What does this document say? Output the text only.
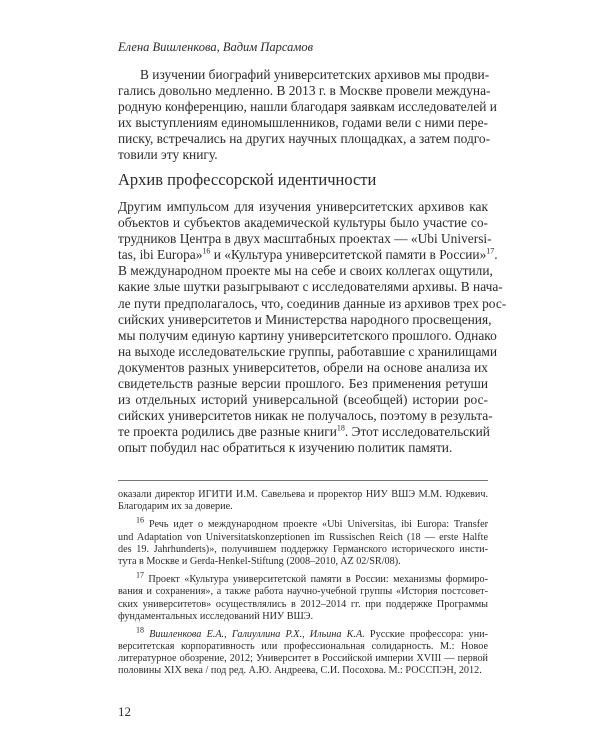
Елена Вишленкова, Вадим Парсамов
В изучении биографий университетских архивов мы продви-
гались довольно медленно. В 2013 г. в Москве провели междуна-
родную конференцию, нашли благодаря заявкам исследователей и
их выступлениям единомышленников, годами вели с ними пере-
писку, встречались на других научных площадках, а затем подго-
товили эту книгу.
Архив профессорской идентичности
Другим импульсом для изучения университетских архивов как
объектов и субъектов академической культуры было участие со-
трудников Центра в двух масштабных проектах — «Ubi Universi-
tas, ibi Europa»$^{16}$ и «Культура университетской памяти в России»$^{17}$.
В международном проекте мы на себе и своих коллегах ощутили,
какие злые шутки разыгрывают с исследователями архивы. В нача-
ле пути предполагалось, что, соединив данные из архивов трех рос-
сийских университетов и Министерства народного просвещения,
мы получим единую картину университетского прошлого. Однако
на выходе исследовательские группы, работавшие с хранилищами
документов разных университетов, обрели на основе анализа их
свидетельств разные версии прошлого. Без применения ретуши
из отдельных историй универсальной (всеобщей) истории рос-
сийских университетов никак не получалось, поэтому в результа-
те проекта родились две разные книги$^{18}$. Этот исследовательский
опыт побудил нас обратиться к изучению политик памяти.
оказали директор ИГИТИ И.М. Савельева и проректор НИУ ВШЭ М.М. Юдкевич.
Благодарим их за доверие.
$^{16}$ Речь идет о международном проекте «Ubi Universitas, ibi Europa: Transfer
und Adaptation von Universitatskonzeptionen im Russischen Reich (18 — erste Halfte
des 19. Jahrhunderts)», получившем поддержку Германского исторического инсти-
тута в Москве и Gerda-Henkel-Stiftung (2008–2010, AZ 02/SR/08).
$^{17}$ Проект «Культура университетской памяти в России: механизмы формиро-
вания и сохранения», а также работа научно-учебной группы «История постсовет-
ских университетов» осуществлялись в 2012–2014 гг. при поддержке Программы
фундаментальных исследований НИУ ВШЭ.
$^{18}$ Вишленкова Е.А., Галиуллина Р.Х., Ильина К.А. Русские профессора: уни-
верситетская корпоративность или профессиональная солидарность. М.: Новое
литературное обозрение, 2012; Университет в Российской империи XVIII — первой
половины XIX века / под ред. А.Ю. Андреева, С.И. Посохова. М.: РОССПЭН, 2012.
12
